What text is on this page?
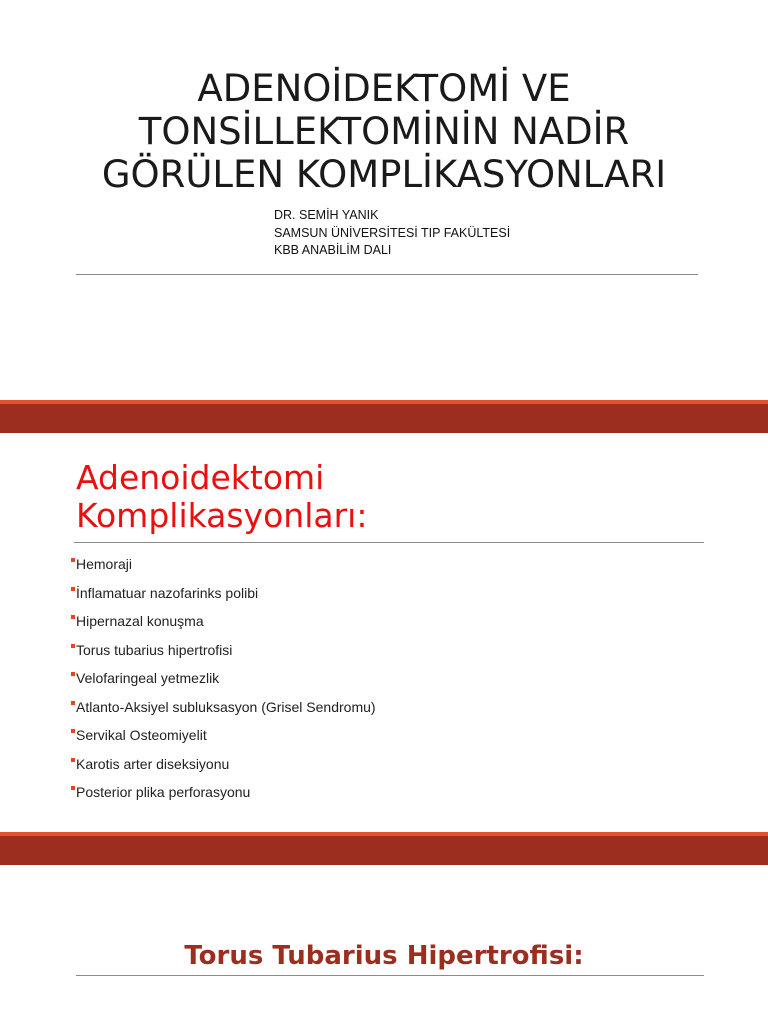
ADENOİDEKTOMİ VE
TONSİLLEKTOMİNİN NADİR
GÖRÜLEN KOMPLİKASYONLARI
DR. SEMİH YANIK
SAMSUN ÜNİVERSİTESİ TIP FAKÜLTESİ
KBB ANABİLİM DALI
Adenoidektomi
Komplikasyonları:
Hemoraji
İnflamatuar nazofarinks polibi
Hipernazal konuşma
Torus tubarius hipertrofisi
Velofaringeal yetmezlik
Atlanto-Aksiyel subluksasyon (Grisel Sendromu)
Servikal Osteomiyelit
Karotis arter diseksiyonu
Posterior plika perforasyonu
Torus Tubarius Hipertrofisi:
